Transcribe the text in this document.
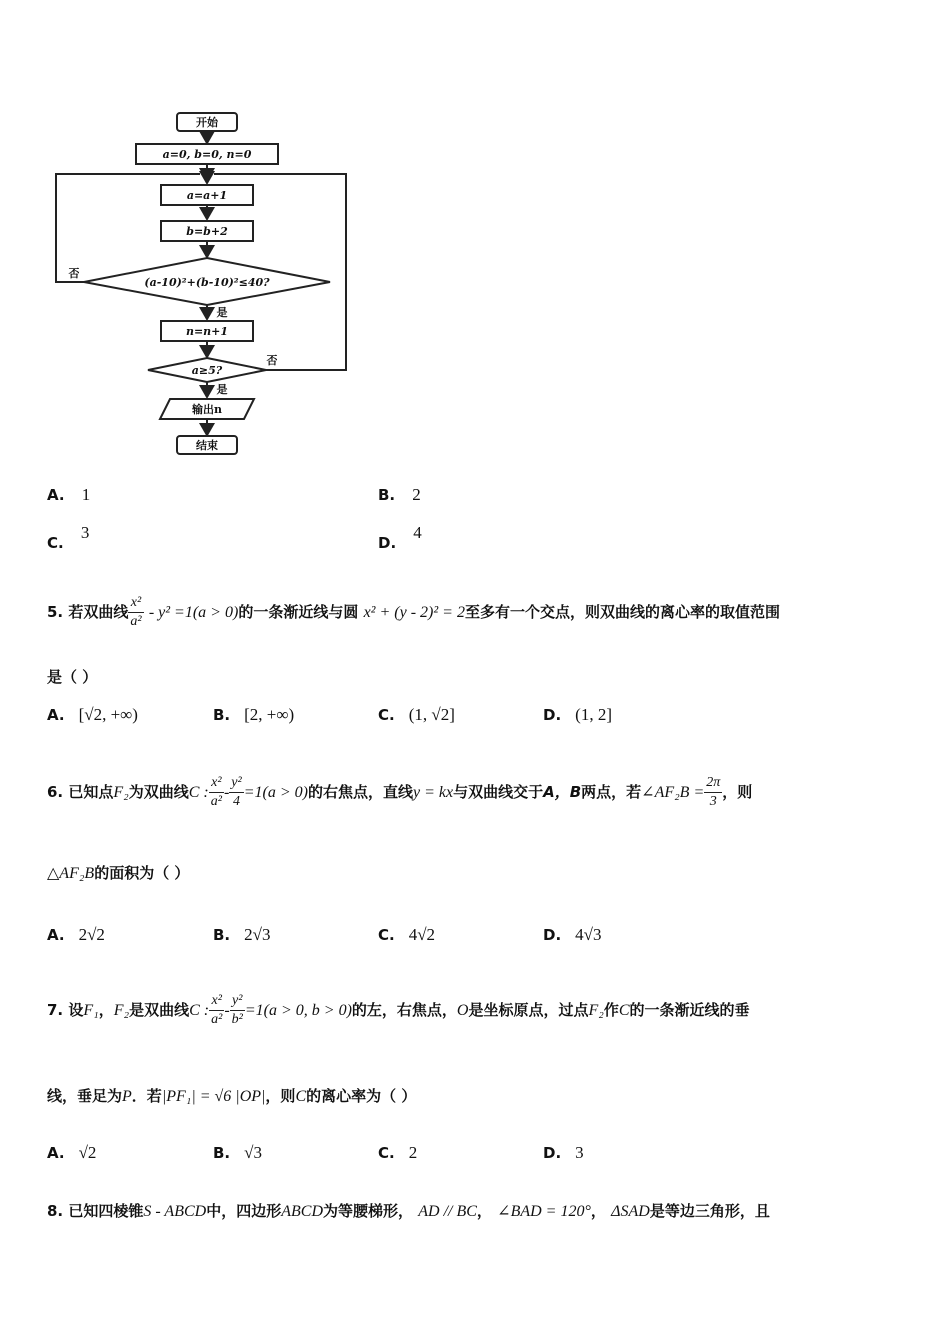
开始
a=0, b=0, n=0
a=a+1
b=b+2
(a-10)²+(b-10)²≤40?
n=n+1
a≥5?
输出n
结束
是
是
否
否
A. 1	B. 2
C. 3
D. 4
5. 若双曲线 $\frac{\text{x²}}{\text{a²}} - y^2 =1(a > 0)$的一条渐近线与圆 x² + (y - 2)² = 2至多有一个交点，则双曲线的离心率的取值范围
是（ ）
A. [√2, +∞)	B. [2, +∞)	C. (1, √2]	D. (1, 2]
6. 已知点F₂为双曲线C : $\frac{\text{x²}}{\text{a²}} - \frac{\text{y²}}{4} =1(a > 0)$的右焦点，直线y = kx与双曲线交于A，B两点，若∠AF₂B = $\frac{2\pi}{3}$ ，则
△AF₂B的面积为（ ）
A. 2√2	B. 2√3	C. 4√2	D. 4√3
7. 设F₁，F₂是双曲线C : $\frac{\text{x²}}{\text{a²}} - \frac{\text{y²}}{\text{b²}} =1(a > 0$, b > 0)的左，右焦点，O是坐标原点，过点F₂作C的一条渐近线的垂
线，垂足为P．若|PF₁| = √6 |OP|，则C的离心率为（ ）
A. √2	B. √3	C. 2	D. 3
8. 已知四棱锥S - ABCD中，四边形ABCD为等腰梯形， AD // BC， ∠BAD = 120°， ΔSAD是等边三角形，且
